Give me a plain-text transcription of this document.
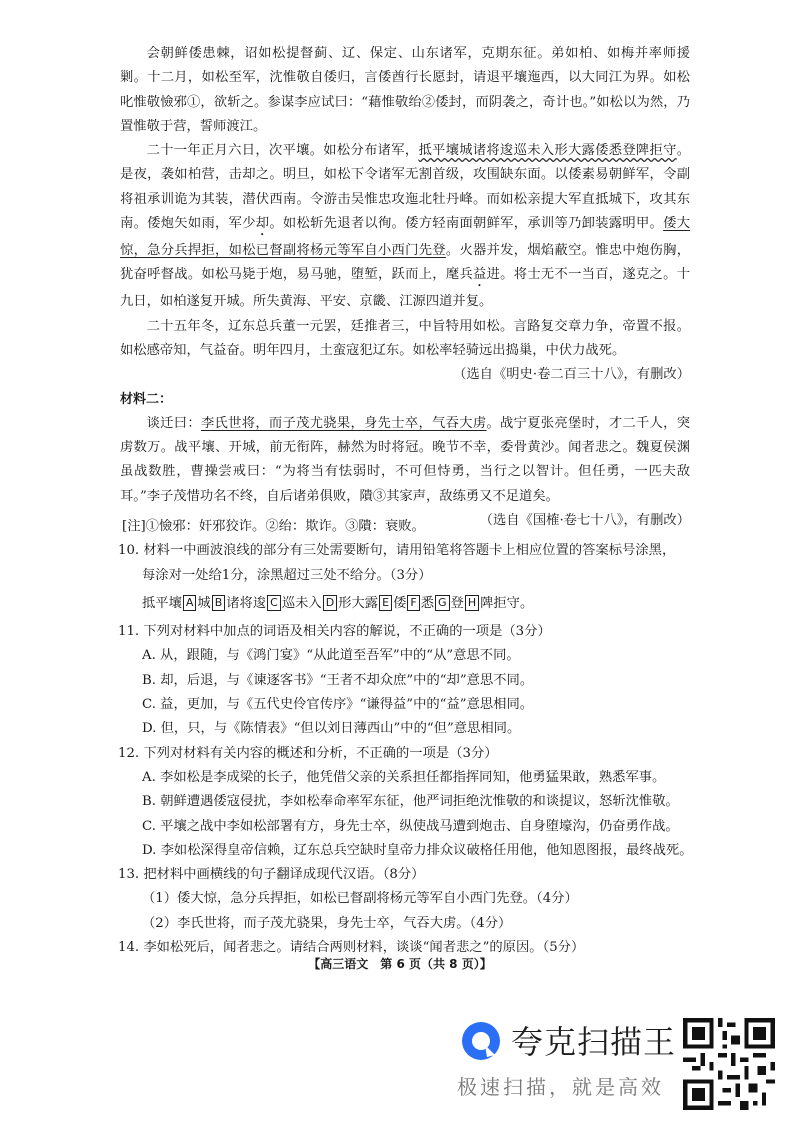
会朝鲜倭患棘，诏如松提督蓟、辽、保定、山东诸军，克期东征。弟如柏、如梅并率师援剿。十二月，如松至军，沈惟敬自倭归，言倭酋行长愿封，请退平壤迤西，以大同江为界。如松叱惟敬憸邪①，欲斩之。参谋李应试曰：“藉惟敬绐②倭封，而阴袭之，奇计也。”如松以为然，乃置惟敬于营，誓师渡江。

二十一年正月六日，次平壤。如松分布诸军，抵平壤城诸将逡巡未入形大露倭悉登陴拒守。是夜，袭如柏营，击却之。明旦，如松下令诸军无割首级，攻围缺东面。以倭素易朝鲜军，令副将祖承训诡为其装，潜伏西南。令游击吴惟忠攻迤北牡丹峰。而如松亲提大军直抵城下，攻其东南。倭炮矢如雨，军少却。如松斩先退者以徇。倭方轻南面朝鲜军，承训等乃卸装露明甲。倭大惊，急分兵捍拒，如松已督副将杨元等军自小西门先登。火器并发，烟焰蔽空。惟忠中炮伤胸，犹奋呼督战。如松马毙于炮，易马驰，堕堑，跃而上，麾兵益进。将士无不一当百，遂克之。十九日，如柏遂复开城。所失黄海、平安、京畿、江源四道并复。

二十五年冬，辽东总兵董一元罢，廷推者三，中旨特用如松。言路复交章力争，帝置不报。如松感帝知，气益奋。明年四月，土蛮寇犯辽东。如松率轻骑远出捣巢，中伏力战死。

（选自《明史·卷二百三十八》，有删改）

材料二：

谈迁曰：李氏世将，而子茂尤骁果，身先士卒，气吞大虏。战宁夏张亮堡时，才二千人，突虏数万。战平壤、开城，前无衔阵，赫然为时将冠。晚节不幸，委骨黄沙。闻者悲之。魏夏侯渊虽战数胜，曹操尝戒曰：“为将当有怯弱时，不可但恃勇，当行之以智计。但任勇，一匹夫敌耳。”李子茂惜功名不终，自后诸弟俱败，隤③其家声，敌练勇又不足道矣。

（选自《国榷·卷七十八》，有删改）

[注]①憸邪：奸邪狡诈。②绐：欺诈。③隤：衰败。

10. 材料一中画波浪线的部分有三处需要断句，请用铅笔将答题卡上相应位置的答案标号涂黑，

每涂对一处给1分，涂黑超过三处不给分。（3分）

抵平壤 A 城 B 诸将逡 C 巡未入 D 形大露 E 倭 F 悉 G 登 H 陴拒守。

11. 下列对材料中加点的词语及相关内容的解说，不正确的一项是（3分）

A. 从，跟随，与《鸿门宴》“从此道至吾军”中的“从”意思不同。

B. 却，后退，与《谏逐客书》“王者不却众庶”中的“却”意思不同。

C. 益，更加，与《五代史伶官传序》“谦得益”中的“益”意思相同。

D. 但，只，与《陈情表》“但以刘日薄西山”中的“但”意思相同。

12. 下列对材料有关内容的概述和分析，不正确的一项是（3分）

A. 李如松是李成梁的长子，他凭借父亲的关系担任都指挥同知，他勇猛果敢，熟悉军事。

B. 朝鲜遭遇倭寇侵扰，李如松奉命率军东征，他严词拒绝沈惟敬的和谈提议，怒斩沈惟敬。

C. 平壤之战中李如松部署有方，身先士卒，纵使战马遭到炮击、自身堕壕沟，仍奋勇作战。

D. 李如松深得皇帝信赖，辽东总兵空缺时皇帝力排众议破格任用他，他知恩图报，最终战死。

13. 把材料中画横线的句子翻译成现代汉语。（8分）

（1）倭大惊，急分兵捍拒，如松已督副将杨元等军自小西门先登。（4分）

（2）李氏世将，而子茂尤骁果，身先士卒，气吞大虏。（4分）

14. 李如松死后，闻者悲之。请结合两则材料，谈谈“闻者悲之”的原因。（5分）

【高三语文　第 6 页（共 8 页）】
夸克扫描王
极速扫描，就是高效
